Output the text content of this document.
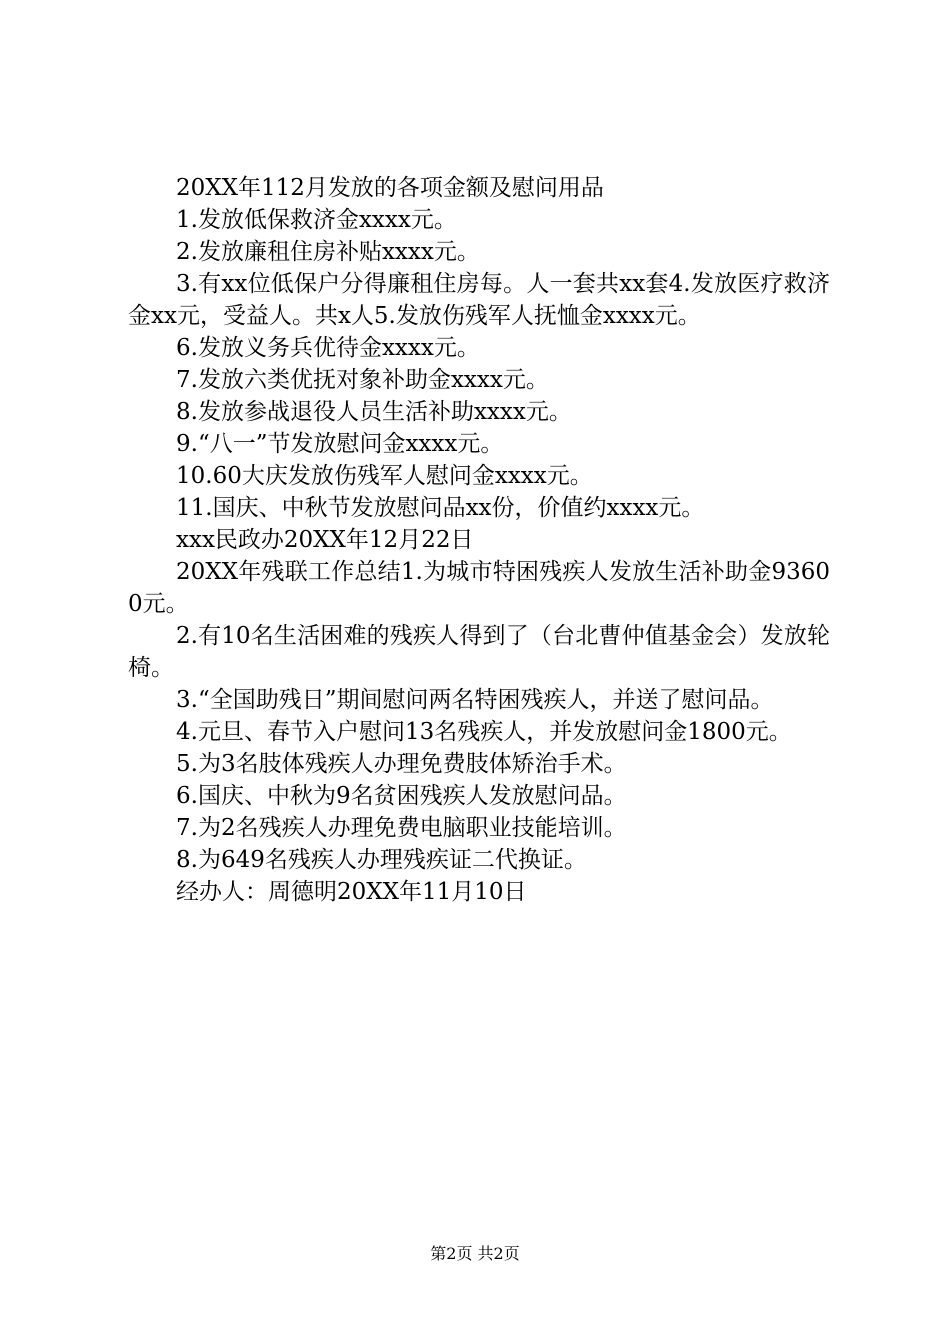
20XX年112月发放的各项金额及慰问用品

1.发放低保救济金xxxx元。

2.发放廉租住房补贴xxxx元。

3.有xx位低保户分得廉租住房每。人一套共xx套4.发放医疗救济金xx元，受益人。共x人5.发放伤残军人抚恤金xxxx元。

6.发放义务兵优待金xxxx元。

7.发放六类优抚对象补助金xxxx元。

8.发放参战退役人员生活补助xxxx元。

9.“八一”节发放慰问金xxxx元。

10.60大庆发放伤残军人慰问金xxxx元。

11.国庆、中秋节发放慰问品xx份，价值约xxxx元。

xxx民政办20XX年12月22日

20XX年残联工作总结1.为城市特困残疾人发放生活补助金93600元。

2.有10名生活困难的残疾人得到了（台北曹仲值基金会）发放轮椅。

3.“全国助残日”期间慰问两名特困残疾人，并送了慰问品。

4.元旦、春节入户慰问13名残疾人，并发放慰问金1800元。

5.为3名肢体残疾人办理免费肢体矫治手术。

6.国庆、中秋为9名贫困残疾人发放慰问品。

7.为2名残疾人办理免费电脑职业技能培训。

8.为649名残疾人办理残疾证二代换证。

经办人：周德明20XX年11月10日

第2页 共2页
